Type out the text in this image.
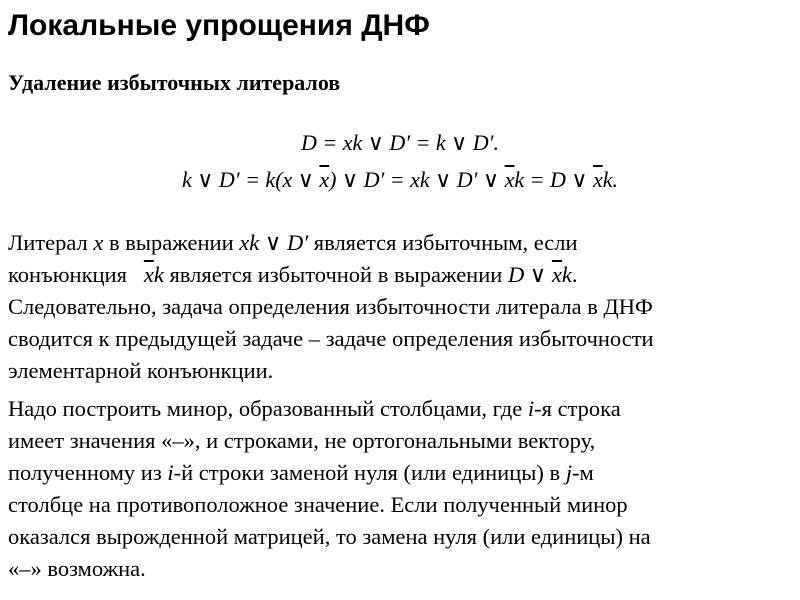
Локальные упрощения ДНФ
Удаление избыточных литералов
D = xk ∨ D′ = k ∨ D′.
k ∨ D′ = k(x ∨ $\overline{x}$) ∨ D′ = xk ∨ D′ ∨ $\overline{x}k = D$ ∨ $\overline{x}k$.
Литерал x в выражении xk ∨ D′ является избыточным, если
конъюнкция   $\overline{x}k$ является избыточной в выражении D ∨ $\overline{x}k$.
Следовательно, задача определения избыточности литерала в ДНФ
сводится к предыдущей задаче – задаче определения избыточности
элементарной конъюнкции.
Надо построить минор, образованный столбцами, где i-я строка
имеет значения «–», и строками, не ортогональными вектору,
полученному из i-й строки заменой нуля (или единицы) в j-м
столбце на противоположное значение. Если полученный минор
оказался вырожденной матрицей, то замена нуля (или единицы) на
«–» возможна.
